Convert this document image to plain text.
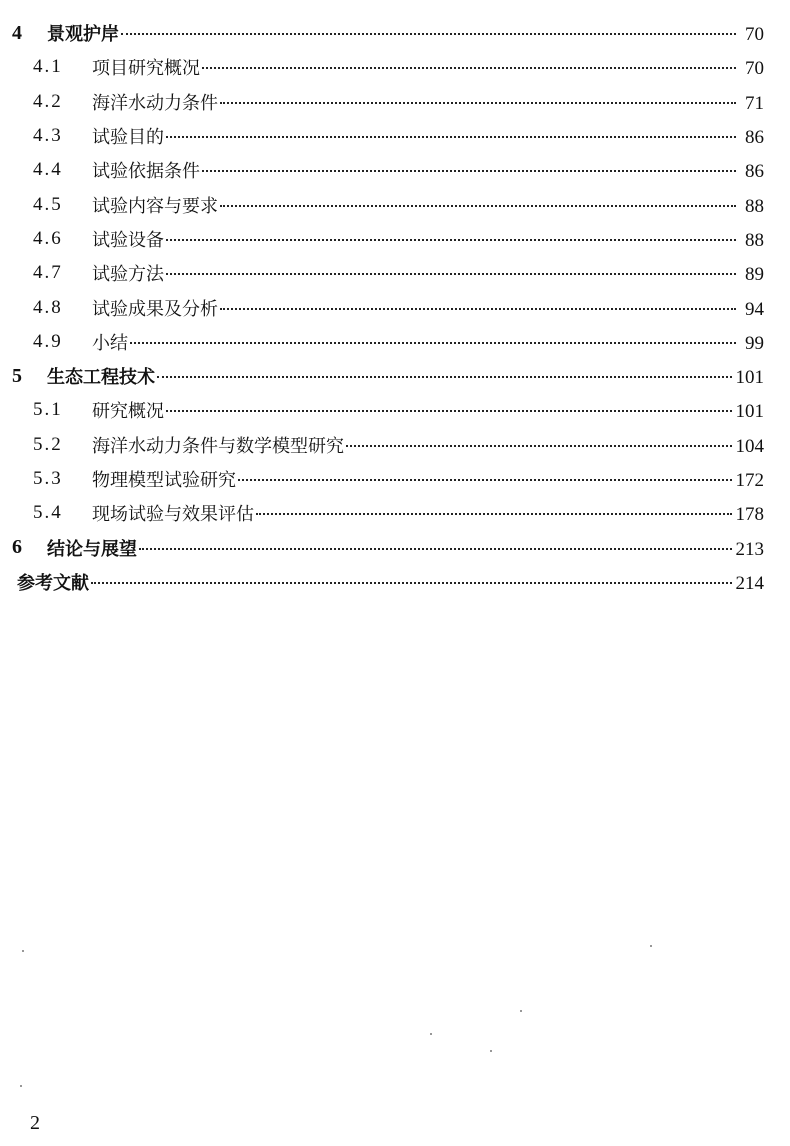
4 景观护岸	70
4.1 项目研究概况	70
4.2 海洋水动力条件	71
4.3 试验目的	86
4.4 试验依据条件	86
4.5 试验内容与要求	88
4.6 试验设备	88
4.7 试验方法	89
4.8 试验成果及分析	94
4.9 小结	99
5 生态工程技术	101
5.1 研究概况	101
5.2 海洋水动力条件与数学模型研究	104
5.3 物理模型试验研究	172
5.4 现场试验与效果评估	178
6 结论与展望	213
参考文献	214
2
